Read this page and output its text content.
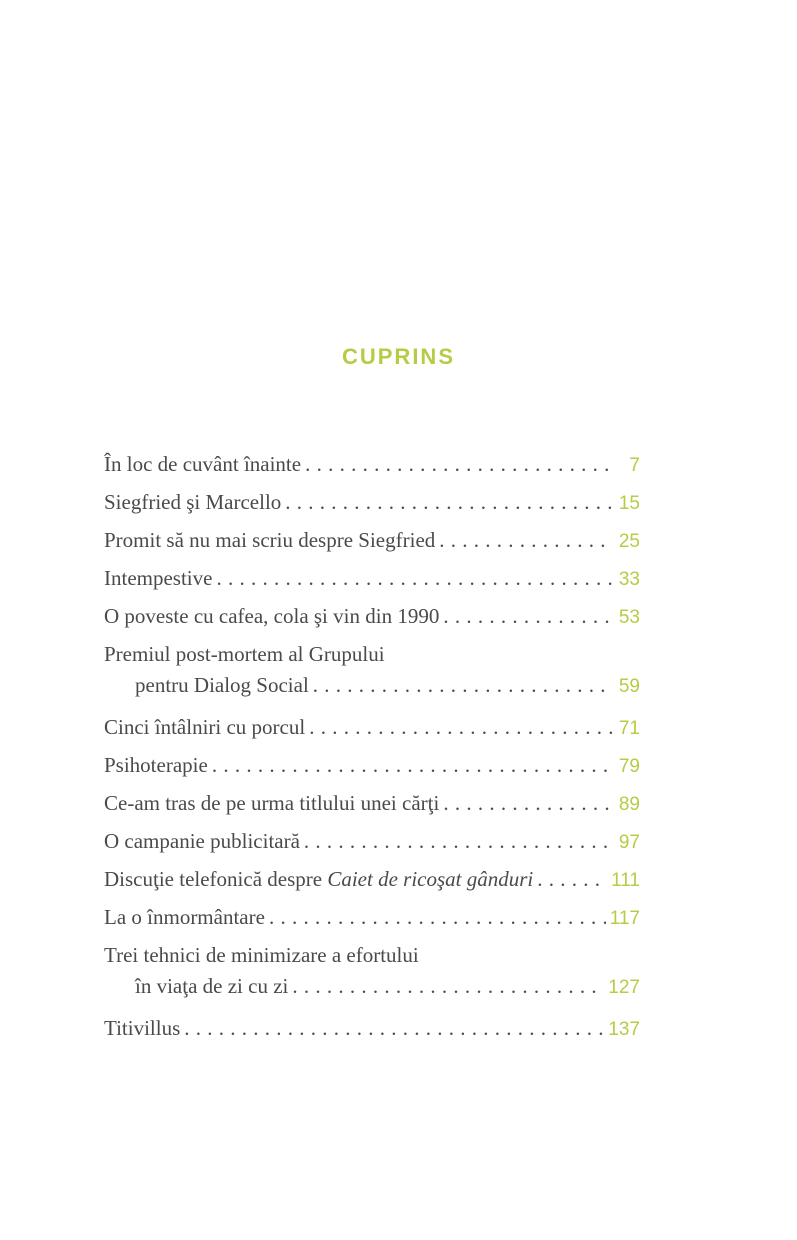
CUPRINS
În loc de cuvânt înainte . . .	7
Siegfried şi Marcello . . .	15
Promit să nu mai scriu despre Siegfried . . .	25
Intempestive . . .	33
O poveste cu cafea, cola şi vin din 1990 . . .	53
Premiul post-mortem al Grupului
pentru Dialog Social . . .	59
Cinci întâlniri cu porcul . . .	71
Psihoterapie . . .	79
Ce-am tras de pe urma titlului unei cărţi . . .	89
O campanie publicitară . . .	97
Discuţie telefonică despre Caiet de ricoşat gânduri . . .	111
La o înmormântare . . .	117
Trei tehnici de minimizare a efortului
în viaţa de zi cu zi . . .	127
Titivillus . . .	137
